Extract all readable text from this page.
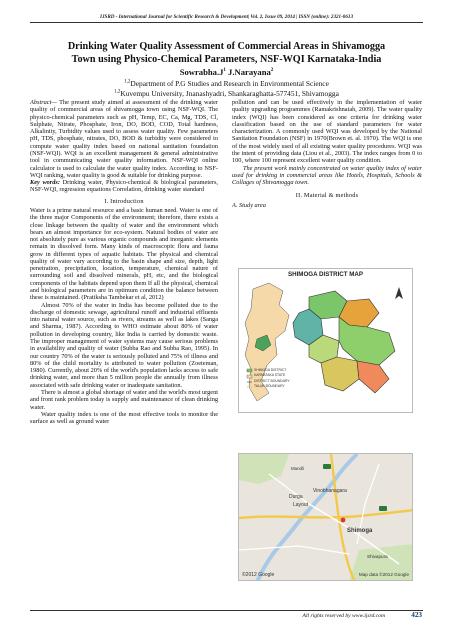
IJSRD - International Journal for Scientific Research & Development| Vol. 2, Issue 09, 2014 | ISSN (online): 2321-0613
Drinking Water Quality Assessment of Commercial Areas in Shivamogga
Town using Physico-Chemical Parameters, NSF-WQI Karnataka-India
$Sowrabha.J^1$ J.Narayana$^2$
$^{1,2}$Department of P.G Studies and Research in Environmental Science
$^{1,2}$Kuvempu University, Jnanashyadri, Shankaraghatta-577451, Shivamogga

Abstract— The present study aimed at assessment of the drinking water quality of commercial areas of shivamogga town using NSF-WQI. The physico-chemical parameters such as pH, Temp, EC, Ca, Mg, TDS, Cl, Sulphate, Nitrate, Phosphate, Iron, DO, BOD, COD, Total hardness, Alkalinity, Turbidity values used to assess water quality. Few parameters pH, TDS, phosphate, nitrates, DO, BOD & turbidity were considered to compute water quality index based on national sanitation foundation (NSF-WQI). WQI is an excellent management & general administrative tool in communicating water quality information. NSF-WQI online calculator is used to calculate the water quality index. According to NSF-WQI ranking, water quality is good & suitable for drinking purpose.

Key words: Drinking water, Physico-chemical & biological parameters, NSF-WQI, regression equations Correlation, drinking water standard

I. Introduction

Water is a prime natural resource and a basic human need. Water is one of the three major Components of the environment; therefore, there exists a close linkage between the quality of water and the environment which bears an almost importance for eco-system. Natural bodies of water are not absolutely pure as various organic compounds and inorganic elements remain in dissolved form. Many kinds of macroscopic flora and fauna grow in different types of aquatic habitats. The physical and chemical quality of water vary according to the basin shape and size, depth, light penetration, precipitation, location, temperature, chemical nature of surrounding soil and dissolved minerals, pH, etc, and the biological components of the habitats depend upon them If all the physical, chemical and biological parameters are in optimum condition the balance between these is maintained. (Pratiksha Tambekar et al, 2012)

Almost 70% of the water in India has become polluted due to the discharge of domestic sewage, agricultural runoff and industrial effluents into natural water source, such as rivers, streams as well as lakes (Sanga and Sharma, 1987). According to WHO estimate about 80% of water pollution in developing country, like India is carried by domestic waste. The improper management of water systems may cause serious problems in availability and quality of water (Subba Rao and Subba Rao, 1995). In our country 70% of the water is seriously polluted and 75% of illness and 80% of the child mortality is attributed to water pollution (Zoeteman, 1980). Currently, about 20% of the world's population lacks access to safe drinking water, and more than 5 million people die annually from illness associated with safe drinking water or inadequate sanitation.

There is almost a global shortage of water and the world's most urgent and front rank problem today is supply and maintenance of clean drinking water.

Water quality index is one of the most effective tools to monitor the surface as well as ground water

pollution and can be used effectively in the implementation of water quality upgrading programmes (Ramakrishnaiah, 2009). The water quality index (WQI) has been considered as one criteria for drinking water classification based on the use of standard parameters for water characterization. A commonly used WQI was developed by the National Sanitation Foundation (NSF) in 1970(Brown et. al. 1970). The WQI is one of the most widely used of all existing water quality procedures. WQI was the intent of providing data (Liou et al., 2003). The index ranges from 0 to 100, where 100 represent excellent water quality condition.

The present work mainly concentrated on water quality index of water used for drinking in commercial areas like Hotels, Hospitals, Schools & Collages of Shivamogga town.

II. Material & methods
A. Study area
SHIMOGA DISTRICT MAP
SHIMOGA DISTRICT
KARNATAKA STATE
DISTRICT BOUNDARY
TALUK BOUNDARY
Mandli
Durga
Vinobhanagara
Layout
Shimoga
Shivapura
©2012 Google	Map data ©2012 Google
All rights reserved by www.ijsrd.com	423
